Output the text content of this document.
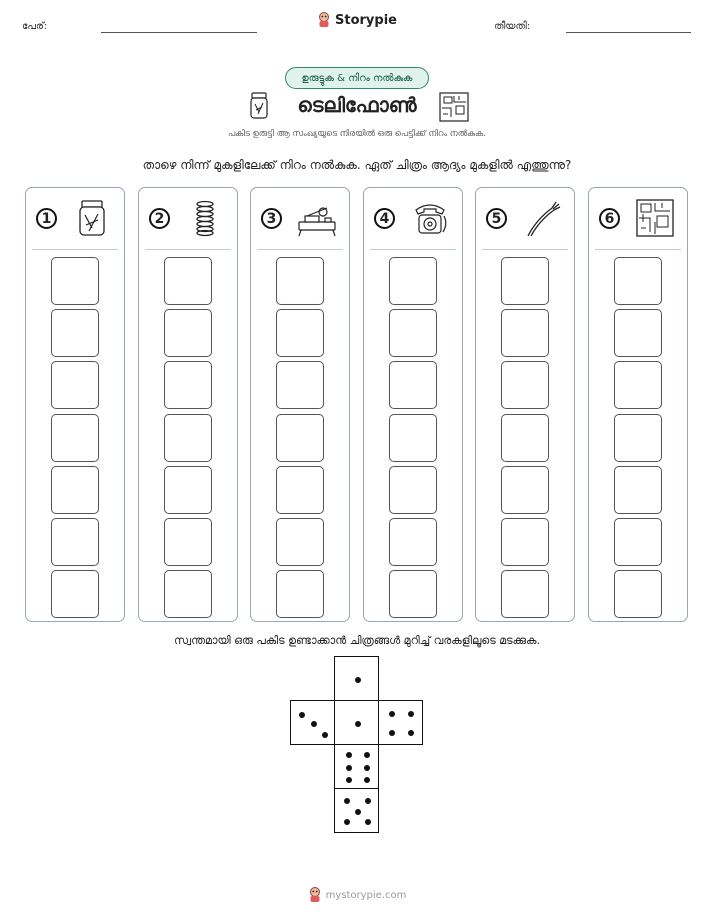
പേര്:	Storypie	തീയതി:
ഉരുട്ടുക & നിറം നൽകുക
ടെലിഫോൺ
പകിട ഉരുട്ടി ആ സംഖ്യയുടെ നിരയിൽ ഒരു പെട്ടിക്ക് നിറം നൽകുക.
താഴെ നിന്ന് മുകളിലേക്ക് നിറം നൽകുക. ഏത് ചിത്രം ആദ്യം മുകളിൽ എത്തുന്നു?
1	2	3	4	5	6
സ്വന്തമായി ഒരു പകിട ഉണ്ടാക്കാൻ ചിത്രങ്ങൾ മുറിച്ച് വരകളിലൂടെ മടക്കുക.
mystorypie.com
